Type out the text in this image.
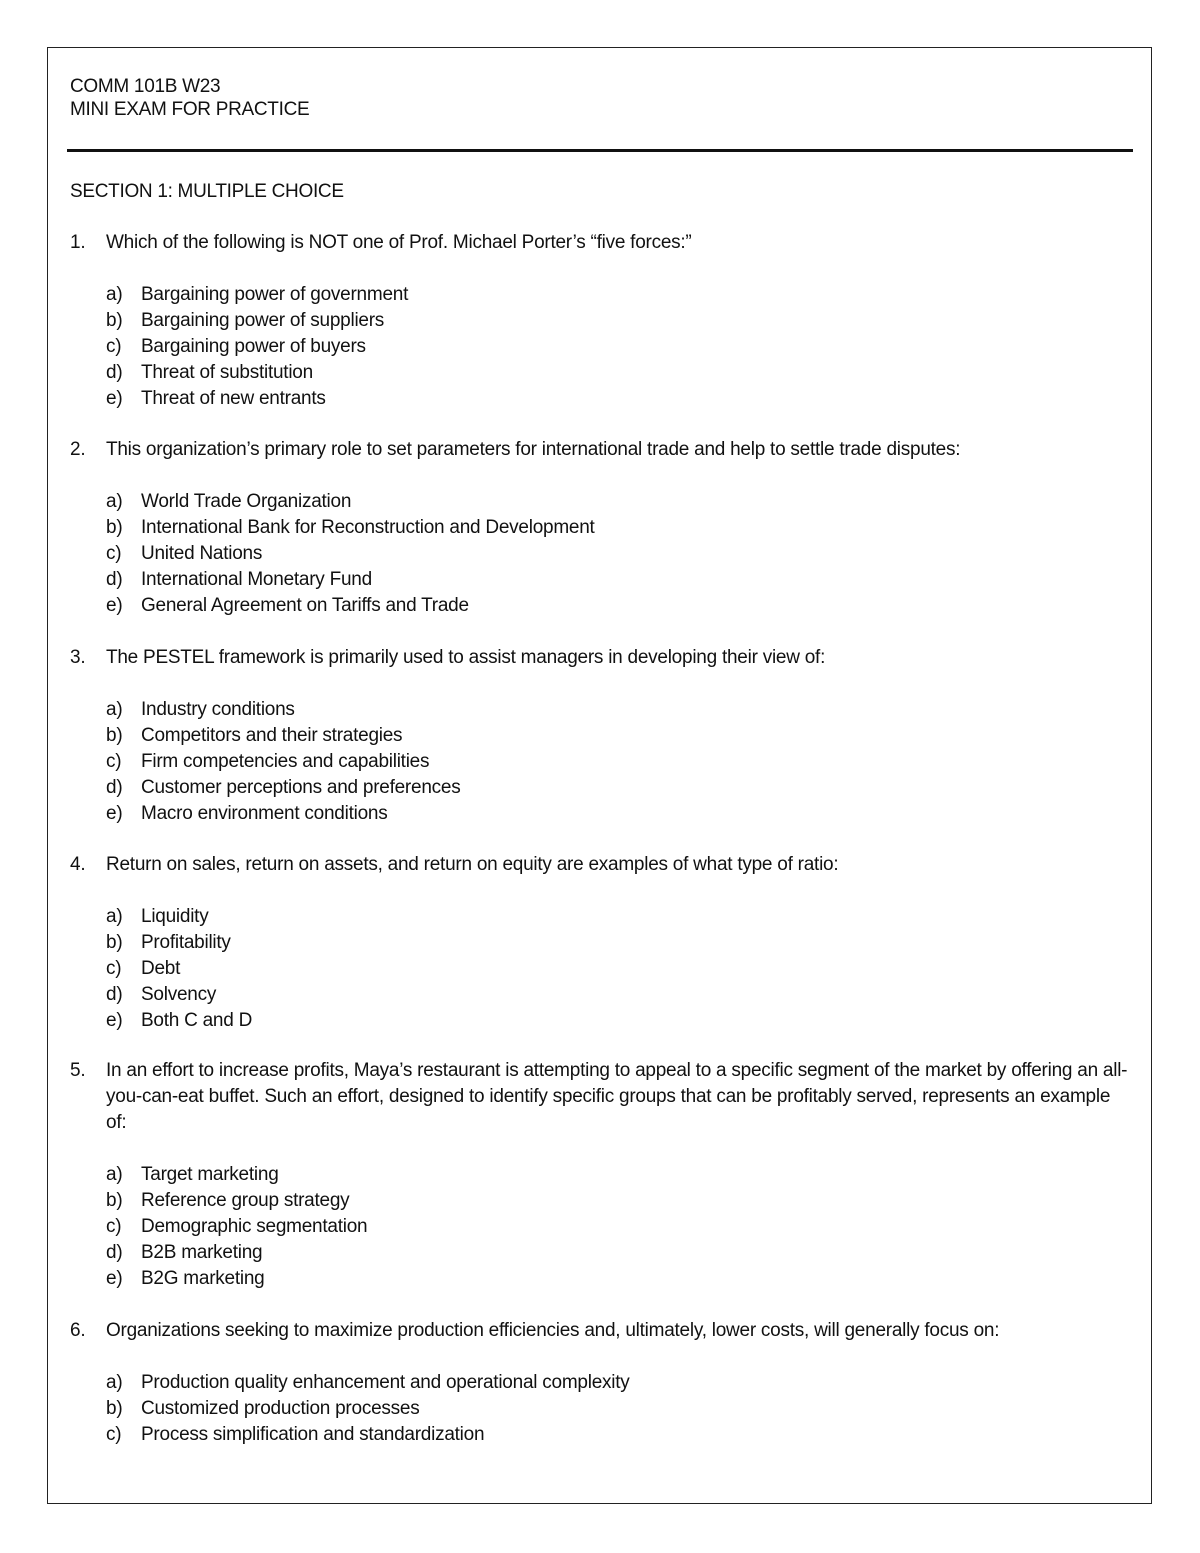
COMM 101B W23
MINI EXAM FOR PRACTICE
SECTION 1: MULTIPLE CHOICE
1. Which of the following is NOT one of Prof. Michael Porter’s “five forces:”
a) Bargaining power of government
b) Bargaining power of suppliers
c) Bargaining power of buyers
d) Threat of substitution
e) Threat of new entrants
2. This organization’s primary role to set parameters for international trade and help to settle trade disputes:
a) World Trade Organization
b) International Bank for Reconstruction and Development
c) United Nations
d) International Monetary Fund
e) General Agreement on Tariffs and Trade
3. The PESTEL framework is primarily used to assist managers in developing their view of:
a) Industry conditions
b) Competitors and their strategies
c) Firm competencies and capabilities
d) Customer perceptions and preferences
e) Macro environment conditions
4. Return on sales, return on assets, and return on equity are examples of what type of ratio:
a) Liquidity
b) Profitability
c) Debt
d) Solvency
e) Both C and D
5. In an effort to increase profits, Maya’s restaurant is attempting to appeal to a specific segment of the market by offering an all-you-can-eat buffet. Such an effort, designed to identify specific groups that can be profitably served, represents an example of:
a) Target marketing
b) Reference group strategy
c) Demographic segmentation
d) B2B marketing
e) B2G marketing
6. Organizations seeking to maximize production efficiencies and, ultimately, lower costs, will generally focus on:
a) Production quality enhancement and operational complexity
b) Customized production processes
c) Process simplification and standardization
